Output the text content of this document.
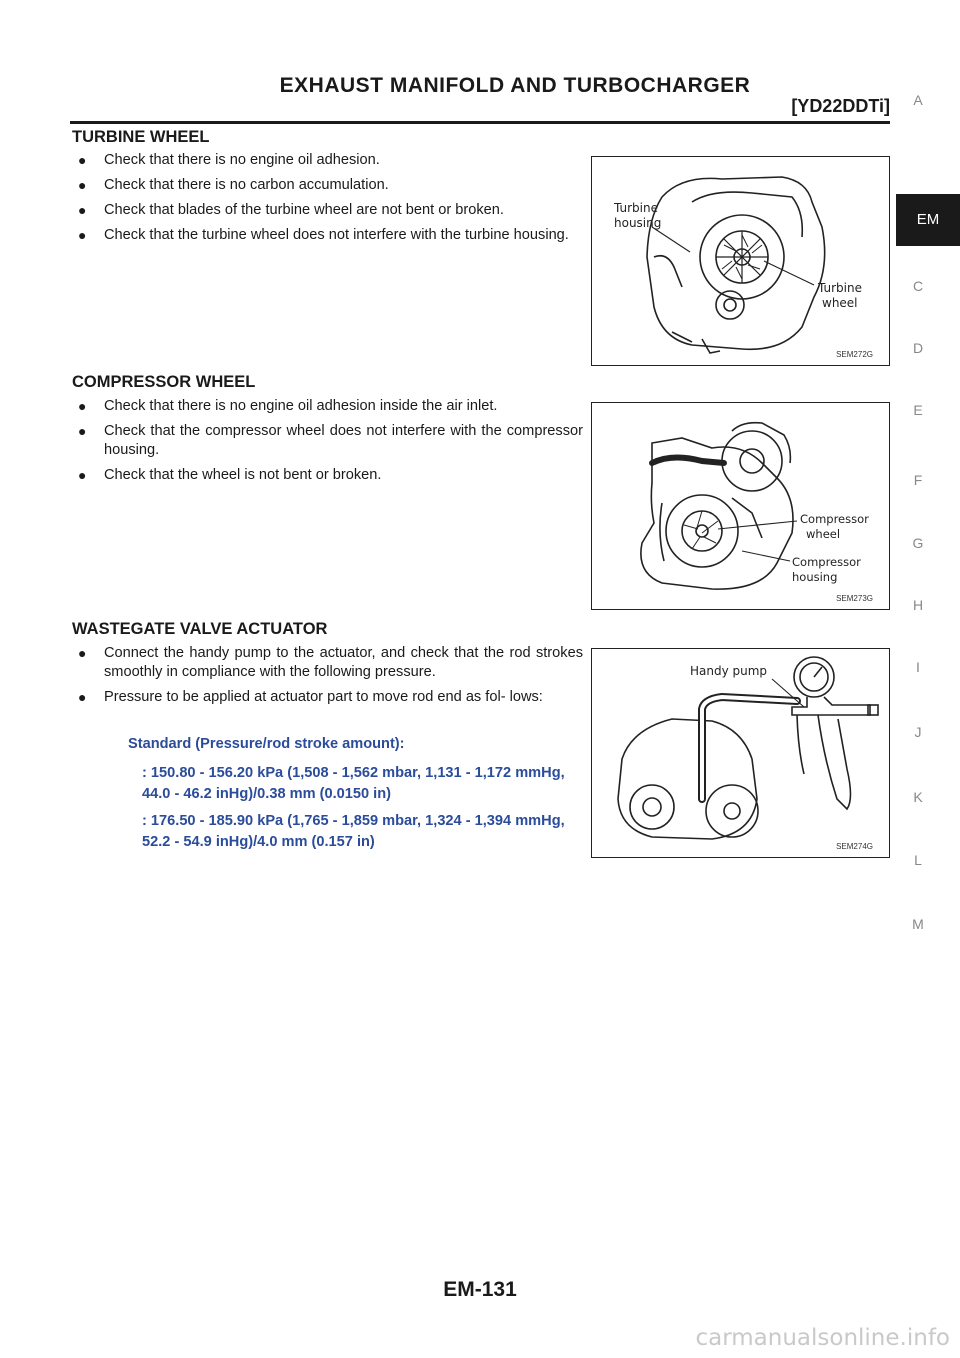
EXHAUST MANIFOLD AND TURBOCHARGER
[YD22DDTi]
TURBINE WHEEL
● Check that there is no engine oil adhesion.
● Check that there is no carbon accumulation.
● Check that blades of the turbine wheel are not bent or broken.
● Check that the turbine wheel does not interfere with the turbine housing.
Turbine
housing
Turbine
wheel
SEM272G
COMPRESSOR WHEEL
● Check that there is no engine oil adhesion inside the air inlet.
● Check that the compressor wheel does not interfere with the compressor housing.
● Check that the wheel is not bent or broken.
Compressor
wheel
Compressor
housing
SEM273G
WASTEGATE VALVE ACTUATOR
● Connect the handy pump to the actuator, and check that the rod strokes smoothly in compliance with the following pressure.
● Pressure to be applied at actuator part to move rod end as fol- lows:
Standard (Pressure/rod stroke amount):
: 150.80 - 156.20 kPa (1,508 - 1,562 mbar, 1,131 - 1,172 mmHg, 44.0 - 46.2 inHg)/0.38 mm (0.0150 in)
: 176.50 - 185.90 kPa (1,765 - 1,859 mbar, 1,324 - 1,394 mmHg, 52.2 - 54.9 inHg)/4.0 mm (0.157 in)
Handy pump
SEM274G
A
C
D
E
F
G
H
I
J
K
L
M
EM
EM-131
carmanualsonline.info
